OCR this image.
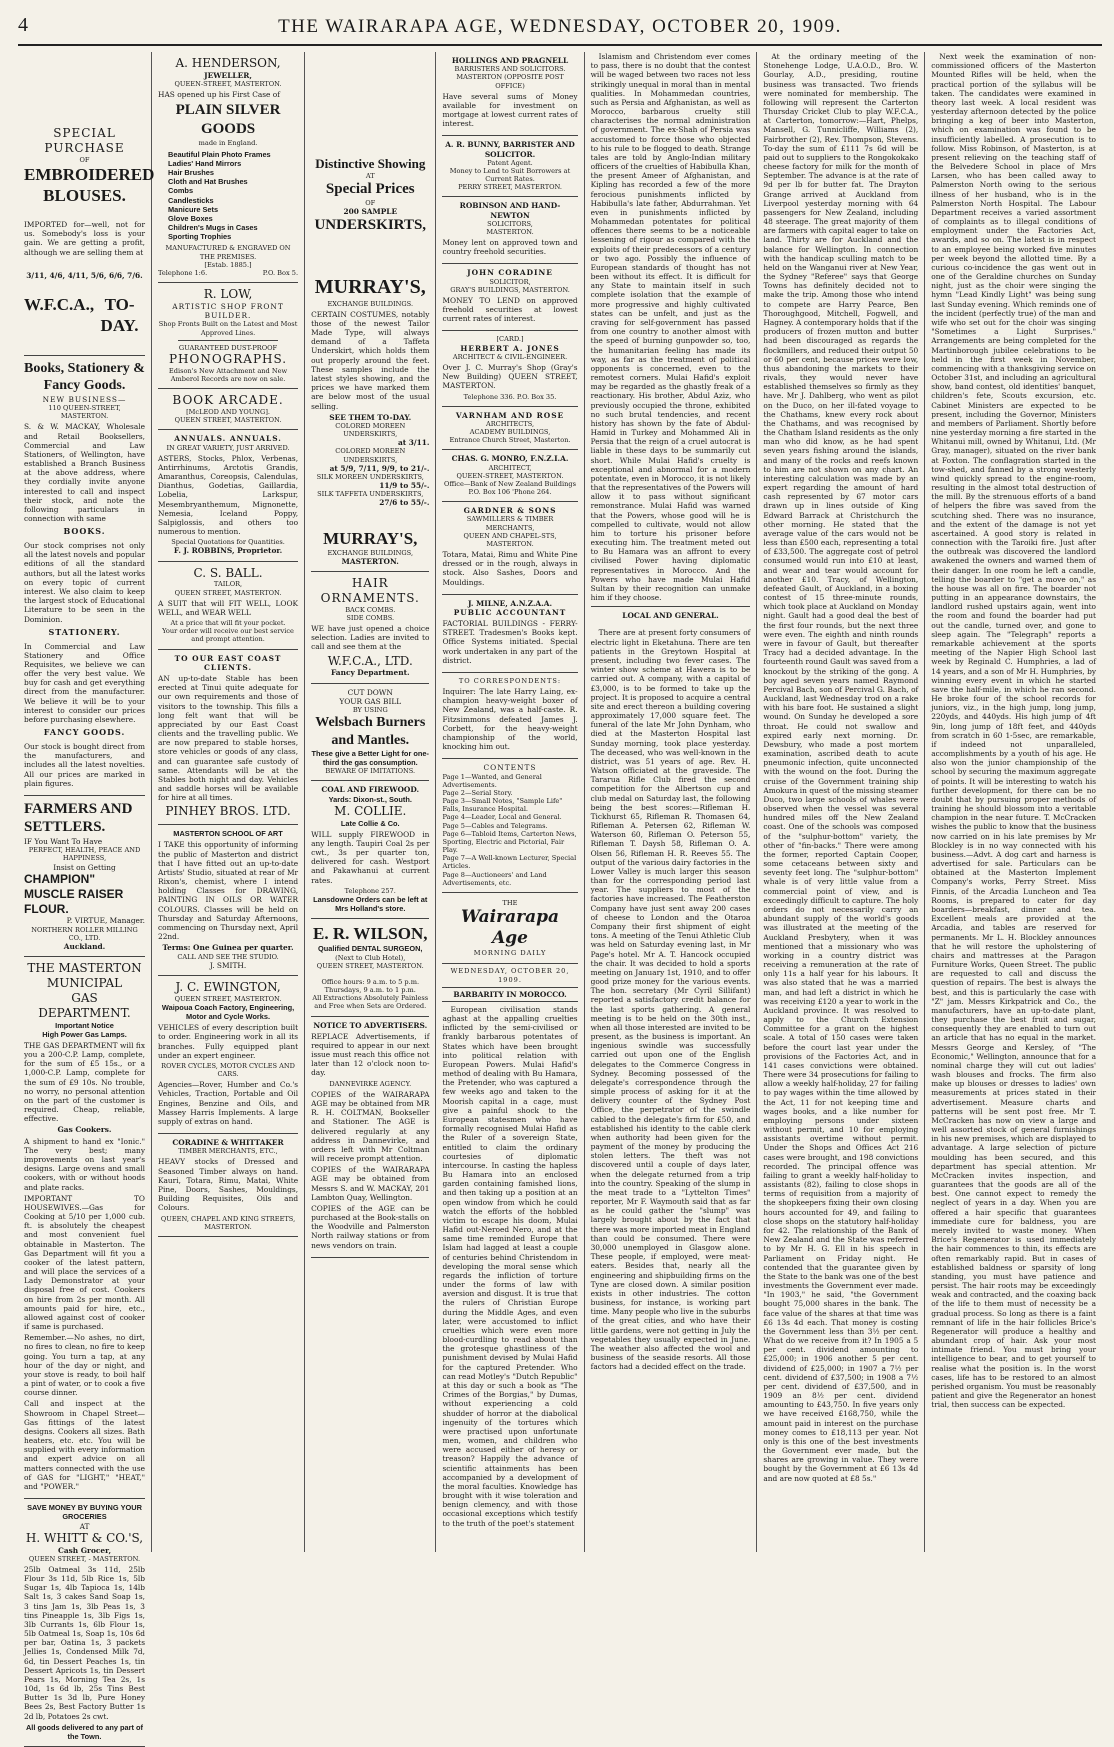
4	THE WAIRARAPA AGE, WEDNESDAY, OCTOBER 20, 1909.
SPECIAL PURCHASE
OF
EMBROIDERED BLOUSES.

IMPORTED for—well, not for us. Somebody's loss is your gain. We are getting a profit, although we are selling them at

3/11, 4/6, 4/11, 5/6, 6/6, 7/6.
W.F.C.A., TO-DAY.
Books, Stationery & Fancy Goods.
NEW BUSINESS—
110 QUEEN-STREET, MASTERTON.

S. & W. MACKAY, Wholesale and Retail Booksellers, Commercial and Law Stationers, of Wellington, have established a Branch Business at the above address, where they cordially invite anyone interested to call and inspect their stock, and note the following particulars in connection with same

BOOKS.

Our stock comprises not only all the latest novels and popular editions of all the standard authors, but all the latest works on every topic of current interest. We also claim to keep the largest stock of Educational Literature to be seen in the Dominion.

STATIONERY.

In Commercial and Law Stationery and Office Requisites, we believe we can offer the very best value. We buy for cash and get everything direct from the manufacturer. We believe it will be to your interest to consider our prices before purchasing elsewhere.

FANCY GOODS.

Our stock is bought direct from the manufacturers, and includes all the latest novelties. All our prices are marked in plain figures.

FARMERS AND SETTLERS.
IF You Want To Have
PERFECT, HEALTH, PEACE AND HAPPINESS,
Insist on Getting
CHAMPION" MUSCLE RAISER FLOUR.
P. VIRTUE, Manager.
NORTHERN ROLLER MILLING CO., LTD.
Auckland.
THE MASTERTON
MUNICIPAL
GAS DEPARTMENT.
Important Notice
High Power Gas Lamps.

THE GAS DEPARTMENT will fix you a 200-C.P. Lamp, complete, for the sum of £5 15s., or a 1,000-C.P. Lamp, complete for the sum of £9 10s. No trouble, no worry, no personal attention on the part of the customer is required. Cheap, reliable, effective.

Gas Cookers.

A shipment to hand ex "Ionic." The very best; many improvements on last year's designs. Large ovens and small cookers, with or without hoods and plate racks.

IMPORTANT TO HOUSEWIVES.—Gas for Cooking at 5/10 per 1,000 cub. ft. is absolutely the cheapest and most convenient fuel obtainable in Masterton. The Gas Department will fit you a cooker of the latest pattern, and will place the services of a Lady Demonstrator at your disposal free of cost. Cookers on hire from 2s per month. All amounts paid for hire, etc., allowed against cost of cooker if same is purchased.

Remember.—No ashes, no dirt, no fires to clean, no fire to keep going. You turn a tap, at any hour of the day or night, and your stove is ready, to boil half a pint of water, or to cook a five course dinner.

Call and inspect at the Showroom in Chapel Street—Gas fittings of the latest designs. Cookers all sizes. Bath heaters, etc. etc. You will be supplied with every information and expert advice on all matters connected with the use of GAS for "LIGHT," "HEAT," and "POWER."

SAVE MONEY BY BUYING YOUR GROCERIES
AT
H. WHITT & CO.'S,
Cash Grocer,
QUEEN STREET, - MASTERTON.

25lb Oatmeal 3s 11d, 25lb Flour 3s 11d, 5lb Rice 1s, 5lb Sugar 1s, 4lb Tapioca 1s, 14lb Salt 1s, 3 cakes Sand Soap 1s, 3 tins Jam 1s, 3lb Peas 1s, 3 tins Pineapple 1s, 3lb Figs 1s, 3lb Currants 1s, 6lb Flour 1s, 5lb Oatmeal 1s, Soap 1s, 10s 6d per bar, Oatina 1s, 3 packets Jellies 1s, Condensed Milk 7d, 6d, tin Dessert Peaches 1s, tin Dessert Apricots 1s, tin Dessert Pears 1s, Morning Tea 2s, 1s 10d, 1s 6d lb, 25s Tins Best Butter 1s 3d lb, Pure Honey Bees 2s, Best Factory Butter 1s 2d lb, Potatoes 2s cwt.

All goods delivered to any part of the Town.
A. HENDERSON,
JEWELLER,
QUEEN-STREET, MASTERTON.

HAS opened up his First Case of

PLAIN SILVER GOODS
made in England.
Beautiful Plain Photo Frames
Ladies' Hand Mirrors
Hair Brushes
Cloth and Hat Brushes
Combs
Candlesticks
Manicure Sets
Glove Boxes
Children's Mugs in Cases
Sporting Trophies
MANUFACTURED & ENGRAVED ON THE PREMISES.
[Estab. 1885.]
Telephone 1:6.	P.O. Box 5.
R. LOW,
ARTISTIC SHOP FRONT BUILDER.
Shop Fronts Built on the Latest and Most Approved Lines.
GUARANTEED DUST-PROOF
PHONOGRAPHS.
Edison's New Attachment and New Amberol Records are now on sale.
BOOK ARCADE.
[McLEOD AND YOUNG].
QUEEN STREET, MASTERTON.
ANNUALS. ANNUALS.
IN GREAT VARIETY, JUST ARRIVED.

ASTERS, Stocks, Phlox, Verbenas, Antirrhinums, Arctotis Grandis, Amaranthus, Coreopsis, Calendulas, Dianthus, Godetias, Gaillardia, Lobelia, Larkspur, Mesembryanthemum, Mignonette, Nemesia, Iceland Poppy, Salpiglossis, and others too numerous to mention.

Special Quotations for Quantities.
F. J. ROBBINS, Proprietor.
C. S. BALL.
TAILOR,
QUEEN STREET, MASTERTON.

A SUIT that will FIT WELL, LOOK WELL, and WEAR WELL

At a price that will fit your pocket.
Your order will receive our best service and prompt attention.
TO OUR EAST COAST CLIENTS.

AN up-to-date Stable has been erected at Tinui quite adequate for our own requirements and those of visitors to the township. This fills a long felt want that will be appreciated by our East Coast clients and the travelling public. We are now prepared to stable horses, store vehicles or goods of any class, and can guarantee safe custody of same. Attendants will be at the Stables both night and day. Vehicles and saddle horses will be available for hire at all times.

PINHEY BROS. LTD.
MASTERTON SCHOOL OF ART

I TAKE this opportunity of informing the public of Masterton and district that I have fitted out an up-to-date Artists' Studio, situated at rear of Mr Rixon's, chemist, where I intend holding Classes for DRAWING, PAINTING IN OILS OR WATER COLOURS. Classes will be held on Thursday and Saturday Afternoons, commencing on Thursday next, April 22nd.

Terms: One Guinea per quarter.
CALL AND SEE THE STUDIO.
J. SMITH.
J. C. EWINGTON,
QUEEN STREET, MASTERTON.
Waipoua Coach Factory, Engineering, Motor and Cycle Works.

VEHICLES of every description built to order. Engineering work in all its branches. Fully equipped plant under an expert engineer.

ROVER CYCLES, MOTOR CYCLES AND CARS.

Agencies—Rover, Humber and Co.'s Vehicles, Traction, Portable and Oil Engines, Benzine and Oils, and Massey Harris Implements. A large supply of extras on hand.

CORADINE & WHITTAKER
TIMBER MERCHANTS, ETC.,

HEAVY stocks of Dressed and Seasoned Timber always on hand. Kauri, Totara, Rimu, Matai, White Pine, Doors, Sashes, Mouldings, Building Requisites, Oils and Colours.

QUEEN, CHAPEL AND KING STREETS, MASTERTON.
Distinctive Showing
AT
Special Prices
OF
200 SAMPLE
UNDERSKIRTS,
MURRAY'S,
EXCHANGE BUILDINGS.

CERTAIN COSTUMES, notably those of the newest Tailor Made Type, will always demand of a Taffeta Underskirt, which holds them out properly around the feet. These samples include the latest styles showing, and the prices we have marked them are below most of the usual selling.

SEE THEM TO-DAY.
COLORED MOREEN UNDERSKIRTS,
at 3/11.
COLORED MOREEN UNDERSKIRTS,
at 5/9, 7/11, 9/9, to 21/-.
SILK MOREEN UNDERSKIRTS,
11/9 to 55/-.
SILK TAFFETA UNDERSKIRTS,
27/6 to 55/-.
MURRAY'S,
EXCHANGE BUILDINGS,
MASTERTON.
HAIR ORNAMENTS.
BACK COMBS.
SIDE COMBS.

WE have just opened a choice selection. Ladies are invited to call and see them at the

W.F.C.A., LTD.
Fancy Department.
CUT DOWN
YOUR GAS BILL
BY USING
Welsbach Burners and Mantles.
These give a Better Light for one-third the gas consumption.
BEWARE OF IMITATIONS.
COAL AND FIREWOOD.
Yards: Dixon-st., South.
M. COLLIE.
Late Collie & Co.

WILL supply FIREWOOD in any length. Taupiri Coal 2s per cwt., 3s per quarter ton, delivered for cash. Westport and Pakawhanui at current rates.

Telephone 257.
Lansdowne Orders can be left at Mrs Holland's store.
E. R. WILSON,
Qualified DENTAL SURGEON,
(Next to Club Hotel),
QUEEN STREET, MASTERTON.
Office hours: 9 a.m. to 5 p.m. Thursdays, 9 a.m. to 1 p.m.
All Extractions Absolutely Painless and Free when Sets are Ordered.
NOTICE TO ADVERTISERS.

REPLACE Advertisements, if required to appear in our next issue must reach this office not later than 12 o'clock noon to-day.

DANNEVIRKE AGENCY.

COPIES of the WAIRARAPA AGE may be obtained from MR R. H. COLTMAN, Bookseller and Stationer. The AGE is delivered regularly at any address in Dannevirke, and orders left with Mr Coltman will receive prompt attention.

COPIES of the WAIRARAPA AGE may be obtained from Messrs S. and W. MACKAY, 201 Lambton Quay, Wellington.

COPIES of the AGE can be purchased at the Book-stalls on the Woodville and Palmerston North railway stations or from news vendors on train.

HOLLINGS AND PRAGNELL
BARRISTERS AND SOLICITORS.
MASTERTON (OPPOSITE POST OFFICE)

Have several sums of Money available for investment on mortgage at lowest current rates of interest.

A. R. BUNNY, BARRISTER AND SOLICITOR.
Patent Agent.
Money to Lend to Suit Borrowers at Current Rates.
PERRY STREET, MASTERTON.
ROBINSON AND HAND-NEWTON
SOLICITORS,
MASTERTON.

Money lent on approved town and country freehold securities.

JOHN CORADINE
SOLICITOR,
GRAY'S BUILDINGS, MASTERTON.

MONEY TO LEND on approved freehold securities at lowest current rates of interest.

[CARD.]
HERBERT A. JONES
ARCHITECT & CIVIL-ENGINEER.

Over J. C. Murray's Shop (Gray's New Building) QUEEN STREET, MASTERTON.

Telephone 336. P.O. Box 35.
VARNHAM AND ROSE
ARCHITECTS,
ACADEMY BUILDINGS,
Entrance Church Street, Masterton.
CHAS. G. MONRO, F.N.Z.I.A.
ARCHITECT,
QUEEN-STREET, MASTERTON.
Office—Bank of New Zealand Buildings P.O. Box 106 'Phone 264.
GARDNER & SONS
SAWMILLERS & TIMBER MERCHANTS,
QUEEN AND CHAPEL-STS, MASTERTON.

Totara, Matai, Rimu and White Pine dressed or in the rough, always in stock. Also Sashes, Doors and Mouldings.

J. MILNE, A.N.Z.A.A.
PUBLIC ACCOUNTANT

FACTORIAL BUILDINGS - FERRY-STREET. Tradesmen's Books kept. Office Systems initiated. Special work undertaken in any part of the district.

TO CORRESPONDENTS:

Inquirer: The late Harry Laing, ex-champion heavy-weight boxer of New Zealand, was a half-caste. R. Fitzsimmons defeated James J. Corbett, for the heavy-weight championship of the world, knocking him out.

CONTENTS
Page 1—Wanted, and General Advertisements.
Page 2—Serial Story.
Page 3—Small Notes, "Sample Life" Falls, Insurance Hospital.
Page 4—Leader, Local and General.
Page 5—Cables and Telegrams.
Page 6—Tabloid Items, Carterton News, Sporting, Electric and Pictorial, Fair Play.
Page 7—A Well-known Lecturer, Special Articles.
Page 8—Auctioneers' and Land Advertisements, etc.
THE
Wairarapa Age
MORNING DAILY
WEDNESDAY, OCTOBER 20, 1909.
BARBARITY IN MOROCCO.

European civilisation stands aghast at the appalling cruelties inflicted by the semi-civilised or frankly barbarous potentates of States which have been brought into political relation with European Powers. Mulai Hafid's method of dealing with Bu Hamara, the Pretender, who was captured a few weeks ago and taken to the Moorish capital in a cage, must give a painful shock to the European statesmen who have formally recognised Mulai Hafid as the Ruler of a sovereign State, entitled to claim the ordinary courtesies of diplomatic intercourse. In casting the hapless Bu Hamara into an enclosed garden containing famished lions, and then taking up a position at an open window from which he could watch the efforts of the hobbled victim to escape his doom, Mulai Hafid out-Neroed Nero, and at the same time reminded Europe that Islam had lagged at least a couple of centuries behind Christendom in developing the moral sense which regards the infliction of torture under the forms of law with aversion and disgust. It is true that the rulers of Christian Europe during the Middle Ages, and even later, were accustomed to inflict cruelties which were even more blood-curdling to read about than the grotesque ghastliness of the punishment devised by Mulai Hafid for the captured Pretender. Who can read Motley's "Dutch Republic" at this day or such a book as "The Crimes of the Borgias," by Dumas, without experiencing a cold shudder of horror at the diabolical ingenuity of the tortures which were practised upon unfortunate men, women, and children who were accused either of heresy or treason? Happily the advance of scientific attainments has been accompanied by a development of the moral faculties. Knowledge has brought with it wise toleration and benign clemency, and with those occasional exceptions which testify to the truth of the poet's statement

Islamism and Christendom ever comes to pass, there is no doubt that the contest will be waged between two races not less strikingly unequal in moral than in mental qualities. In Mohammedan countries, such as Persia and Afghanistan, as well as Morocco, barbarous cruelty still characterises the normal administration of government. The ex-Shah of Persia was accustomed to force those who objected to his rule to be flogged to death. Strange tales are told by Anglo-Indian military officers of the cruelties of Habibulla Khan, the present Ameer of Afghanistan, and Kipling has recorded a few of the more ferocious punishments inflicted by Habibulla's late father, Abdurrahman. Yet even in punishments inflicted by Mohammedan potentates for political offences there seems to be a noticeable lessening of rigour as compared with the exploits of their predecessors of a century or two ago. Possibly the influence of European standards of thought has not been without its effect. It is difficult for any State to maintain itself in such complete isolation that the example of more progressive and highly cultivated states can be unfelt, and just as the craving for self-government has passed from one country to another almost with the speed of burning gunpowder so, too, the humanitarian feeling has made its way, as far as the treatment of political opponents is concerned, even to the remotest corners. Mulai Hafid's exploit may be regarded as the ghastly freak of a reactionary. His brother, Abdul Aziz, who previously occupied the throne, exhibited no such brutal tendencies, and recent history has shown by the fate of Abdul-Hamid in Turkey and Mohammed Ali in Persia that the reign of a cruel autocrat is liable in these days to be summarily cut short. While Mulai Hafid's cruelty is exceptional and abnormal for a modern potentate, even in Morocco, it is not likely that the representatives of the Powers will allow it to pass without significant remonstrance. Mulai Hafid was warned that the Powers, whose good will he is compelled to cultivate, would not allow him to torture his prisoner before executing him. The treatment meted out to Bu Hamara was an affront to every civilised Power having diplomatic representatives in Morocco. And the Powers who have made Mulai Hafid Sultan by their recognition can unmake him if they choose.

LOCAL AND GENERAL.

There are at present forty consumers of electric light in Eketahuna. There are ten patients in the Greytown Hospital at present, including two fever cases. The winter show scheme at Hawera is to be carried out. A company, with a capital of £3,000, is to be formed to take up the project. It is proposed to acquire a central site and erect thereon a building covering approximately 17,000 square feet. The funeral of the late Mr John Dynham, who died at the Masterton Hospital last Sunday morning, took place yesterday. The deceased, who was well-known in the district, was 51 years of age. Rev. H. Watson officiated at the graveside. The Tararua Rifle Club fired the second competition for the Albertson cup and club medal on Saturday last, the following being the best scores:—Rifleman H. Tickhurst 65, Rifleman R. Thomasen 64, Rifleman A. Petersen 62, Rifleman W. Waterson 60, Rifleman O. Peterson 55, Rifleman T. Daysh 58, Rifleman O. A. Olsen 56, Rifleman H. R. Reeves 55. The output of the various dairy factories in the Lower Valley is much larger this season than for the corresponding period last year. The suppliers to most of the factories have increased. The Featherston Company have just sent away 200 cases of cheese to London and the Otaroa Company their first shipment of eight tons. A meeting of the Tenui Athletic Club was held on Saturday evening last, in Mr Page's hotel. Mr A. T. Hancock occupied the chair. It was decided to hold a sports meeting on January 1st, 1910, and to offer good prize money for the various events. The hon. secretary (Mr Cyril Sillifant) reported a satisfactory credit balance for the last sports gathering. A general meeting is to be held on the 30th inst., when all those interested are invited to be present, as the business is important. An ingenious swindle was successfully carried out upon one of the English delegates to the Commerce Congress in Sydney. Becoming possessed of the delegate's correspondence through the simple process of asking for it at the delivery counter of the Sydney Post Office, the perpetrator of the swindle cabled to the delegate's firm for £50, and established his identity to the cable clerk when authority had been given for the payment of the money by producing the stolen letters. The theft was not discovered until a couple of days later, when the delegate returned from a trip into the country. Speaking of the slump in the meat trade to a "Lyttelton Times" reporter, Mr F. Waymouth said that as far as he could gather the "slump" was largely brought about by the fact that there was more imported meat in England than could be consumed. There were 30,000 unemployed in Glasgow alone. These people, if employed, were meat-eaters. Besides that, nearly all the engineering and shipbuilding firms on the Tyne are closed down. A similar position exists in other industries. The cotton business, for instance, is working part time. Many people who live in the suburbs of the great cities, and who have their little gardens, were not getting in July the vegetables they usually expected in June. The weather also affected the wool and business of the seaside resorts. All those factors had a decided effect on the trade.

At the ordinary meeting of the Stonehenge Lodge, U.A.O.D., Bro. W. Gourlay, A.D., presiding, routine business was transacted. Two friends were nominated for membership. The following will represent the Carterton Thursday Cricket Club to play W.F.C.A., at Carterton, tomorrow:—Hart, Phelps, Mansell, G. Tunnicliffe, Williams (2), Fairbrother (2), Rev. Thompson, Stevens. To-day the sum of £111 7s 6d will be paid out to suppliers to the Rongokokako cheese factory for milk for the month of September. The advance is at the rate of 9d per lb for butter fat. The Drayton Grange arrived at Auckland from Liverpool yesterday morning with 64 passengers for New Zealand, including 48 steerage. The great majority of them are farmers with capital eager to take on land. Thirty are for Auckland and the balance for Wellington. In connection with the handicap sculling match to be held on the Wanganui river at New Year, the Sydney "Referee" says that George Towns has definitely decided not to make the trip. Among those who intend to compete are Harry Pearce, Ben Thoroughgood, Mitchell, Fogwell, and Hagney. A contemporary holds that if the producers of frozen mutton and butter had been discouraged as regards the flockmillers, and reduced their output 50 or 60 per cent, because prices were low, thus abandoning the markets to their rivals, they would never have established themselves so firmly as they have. Mr J. Dahlberg, who went as pilot on the Duco, on her ill-fated voyage to the Chathams, knew every rock about the Chathams, and was recognised by the Chatham Island residents as the only man who did know, as he had spent seven years fishing around the islands, and many of the rocks and reefs known to him are not shown on any chart. An interesting calculation was made by an expert regarding the amount of hard cash represented by 67 motor cars drawn up in lines outside of King Edward Barrack at Christchurch the other morning. He stated that the average value of the cars would not be less than £500 each, representing a total of £33,500. The aggregate cost of petrol consumed would run into £10 at least, and wear and tear would account for another £10. Tracy, of Wellington, defeated Gault, of Auckland, in a boxing contest of 15 three-minute rounds, which took place at Auckland on Monday night. Gault had a good deal the best of the first four rounds, but the next three were even. The eighth and ninth rounds were in favour of Gault, but thereafter Tracy had a decided advantage. In the fourteenth round Gault was saved from a knockout by the striking of the gong. A boy aged seven years named Raymond Percival Bach, son of Percival G. Bach, of Auckland, last Wednesday trod on a rake with his bare foot. He sustained a slight wound. On Sunday he developed a sore throat. He could not swallow and expired early next morning. Dr. Dewsbury, who made a post mortem examination, ascribed death to acute pneumonic infection, quite unconnected with the wound on the foot. During the cruise of the Government training ship Amokura in quest of the missing steamer Duco, two large schools of whales were observed when the vessel was several hundred miles off the New Zealand coast. One of the schools was composed of the "sulphur-bottom" variety, the other of "fin-backs." There were among the former, reported Captain Cooper, some cetaceans between sixty and seventy feet long. The "sulphur-bottom" whale is of very little value from a commercial point of view, and is exceedingly difficult to capture. The holy orders do not necessarily carry an abundant supply of the world's goods was illustrated at the meeting of the Auckland Presbytery, when it was mentioned that a missionary who was working in a country district was receiving a remuneration at the rate of only 11s a half year for his labours. It was also stated that he was a married man, and had left a district in which he was receiving £120 a year to work in the Auckland province. It was resolved to apply to the Church Extension Committee for a grant on the highest scale. A total of 150 cases were taken before the court last year under the provisions of the Factories Act, and in 141 cases convictions were obtained. There were 34 prosecutions for failing to allow a weekly half-holiday, 27 for failing to pay wages within the time allowed by the Act, 11 for not keeping time and wages books, and a like number for employing persons under sixteen without permit, and 10 for employing assistants overtime without permit. Under the Shops and Offices Act 216 cases were brought, and 198 convictions recorded. The principal offence was failing to grant a weekly half-holiday to assistants (82), failing to close shops in terms of requisition from a majority of the shopkeepers fixing their own closing hours accounted for 49, and failing to close shops on the statutory half-holiday for 42. The relationship of the Bank of New Zealand and the State was referred to by Mr H. G. Ell in his speech in Parliament on Friday night. He contended that the guarantee given by the State to the bank was one of the best investments the Government ever made. "In 1903," he said, "the Government bought 75,000 shares in the bank. The face value of the shares at that time was £6 13s 4d each. That money is costing the Government less than 3½ per cent. What do we receive from it? In 1905 a 5 per cent. dividend amounting to £25,000; in 1906 another 5 per cent. dividend of £25,000; in 1907 a 7½ per cent. dividend of £37,500; in 1908 a 7½ per cent. dividend of £37,500, and in 1909 an 8½ per cent. dividend amounting to £43,750. In five years only we have received £168,750, while the amount paid in interest on the purchase money comes to £18,113 per year. Not only is this one of the best investments the Government ever made, but the shares are growing in value. They were bought by the Government at £6 13s 4d and are now quoted at £8 5s."

Next week the examination of non-commissioned officers of the Masterton Mounted Rifles will be held, when the practical portion of the syllabus will be taken. The candidates were examined in theory last week. A local resident was yesterday afternoon detected by the police bringing a keg of beer into Masterton, which on examination was found to be insufficiently labelled. A prosecution is to follow. Miss Robinson, of Masterton, is at present relieving on the teaching staff of the Belvedere School in place of Mrs Larsen, who has been called away to Palmerston North owing to the serious illness of her husband, who is in the Palmerston North Hospital. The Labour Department receives a varied assortment of complaints as to illegal conditions of employment under the Factories Act, awards, and so on. The latest is in respect to an employee being worked five minutes per week beyond the allotted time. By a curious co-incidence the gas went out in one of the Geraldine churches on Sunday night, just as the choir were singing the hymn "Lead Kindly Light" was being sung last Sunday evening. Which reminds one of the incident (perfectly true) of the man and wife who set out for the choir was singing "Sometimes a Light Surprises." Arrangements are being completed for the Martinborough jubilee celebrations to be held in the first week in November, commencing with a thanksgiving service on October 31st, and including an agricultural show, band contest, old identities' banquet, children's fete, Scouts excursion, etc. Cabinet Ministers are expected to be present, including the Governor, Ministers and members of Parliament. Shortly before nine yesterday morning a fire started in the Whitanui mill, owned by Whitanui, Ltd. (Mr Gray, manager), situated on the river bank at Foxton. The conflagration started in the tow-shed, and fanned by a strong westerly wind quickly spread to the engine-room, resulting in the almost total destruction of the mill. By the strenuous efforts of a band of helpers the fibre was saved from the scutching shed. There was no insurance, and the extent of the damage is not yet ascertained. A good story is related in connection with the Taroiki fire. Just after the outbreak was discovered the landlord awakened the owners and warned them of their danger. In one room he left a candle, telling the boarder to "get a move on," as the house was all on fire. The boarder not putting in an appearance downstairs, the landlord rushed upstairs again, went into the room and found the boarder had put out the candle, turned over, and gone to sleep again. The "Telegraph" reports a remarkable achievement at the sports meeting of the Napier High School last week by Reginald C. Humphries, a lad of 14 years, and a son of Mr H. Humphries, by winning every event in which he started save the half-mile, in which he ran second. He broke four of the school records for juniors, viz., in the high jump, long jump, 220yds, and 440yds. His high jump of 4ft 9in, long jump of 18ft feet, and 440yds from scratch in 60 1-5sec, are remarkable, if indeed not unparalleled, accomplishments by a youth of his age. He also won the junior championship of the school by securing the maximum aggregate of points. It will be interesting to watch his further development, for there can be no doubt that by pursuing proper methods of training he should blossom into a veritable champion in the near future. T. McCracken wishes the public to know that the business now carried on in his late premises by Mr Blockley is in no way connected with his business.—Advt. A dog cart and harness is advertised for sale. Particulars can be obtained at the Masterton Implement Company's works, Perry Street. Miss Finnis, of the Arcadia Luncheon and Tea Rooms, is prepared to cater for day boarders—breakfast, dinner and tea. Excellent meals are provided at the Arcadia, and tables are reserved for permanents. Mr L. H. Blockley announces that he will restore the upholstering of chairs and mattresses at the Paragon Furniture Works, Queen Street. The public are requested to call and discuss the question of repairs. The best is always the best, and this is particularly the case with "Z" jam. Messrs Kirkpatrick and Co., the manufacturers, have an up-to-date plant, they purchase the best fruit and sugar, consequently they are enabled to turn out an article that has no equal in the market. Messrs George and Kersley, of "The Economic," Wellington, announce that for a nominal charge they will cut out ladies' wash blouses and frocks. The firm also make up blouses or dresses to ladies' own measurements at prices stated in their advertisement. Measure charts and patterns will be sent post free. Mr T. McCracken has now on view a large and well assorted stock of general furnishings in his new premises, which are displayed to advantage. A large selection of picture moulding has been secured, and this department has special attention. Mr McCracken invites inspection, and guarantees that the goods are all of the best. One cannot expect to remedy the neglect of years in a day. When you are offered a hair specific that guarantees immediate cure for baldness, you are merely invited to waste money. When Brice's Regenerator is used immediately the hair commences to thin, its effects are often remarkably rapid. But in cases of established baldness or sparsity of long standing, you must have patience and persist. The hair roots may be exceedingly weak and contracted, and the coaxing back of the life to them must of necessity be a gradual process. So long as there is a faint remnant of life in the hair follicles Brice's Regenerator will produce a healthy and abundant crop of hair. Ask your most intimate friend. You must bring your intelligence to bear, and to get yourself to realise what the position is. In the worst cases, life has to be restored to an almost perished organism. You must be reasonably patient and give the Regenerator an honest trial, then success can be expected.
